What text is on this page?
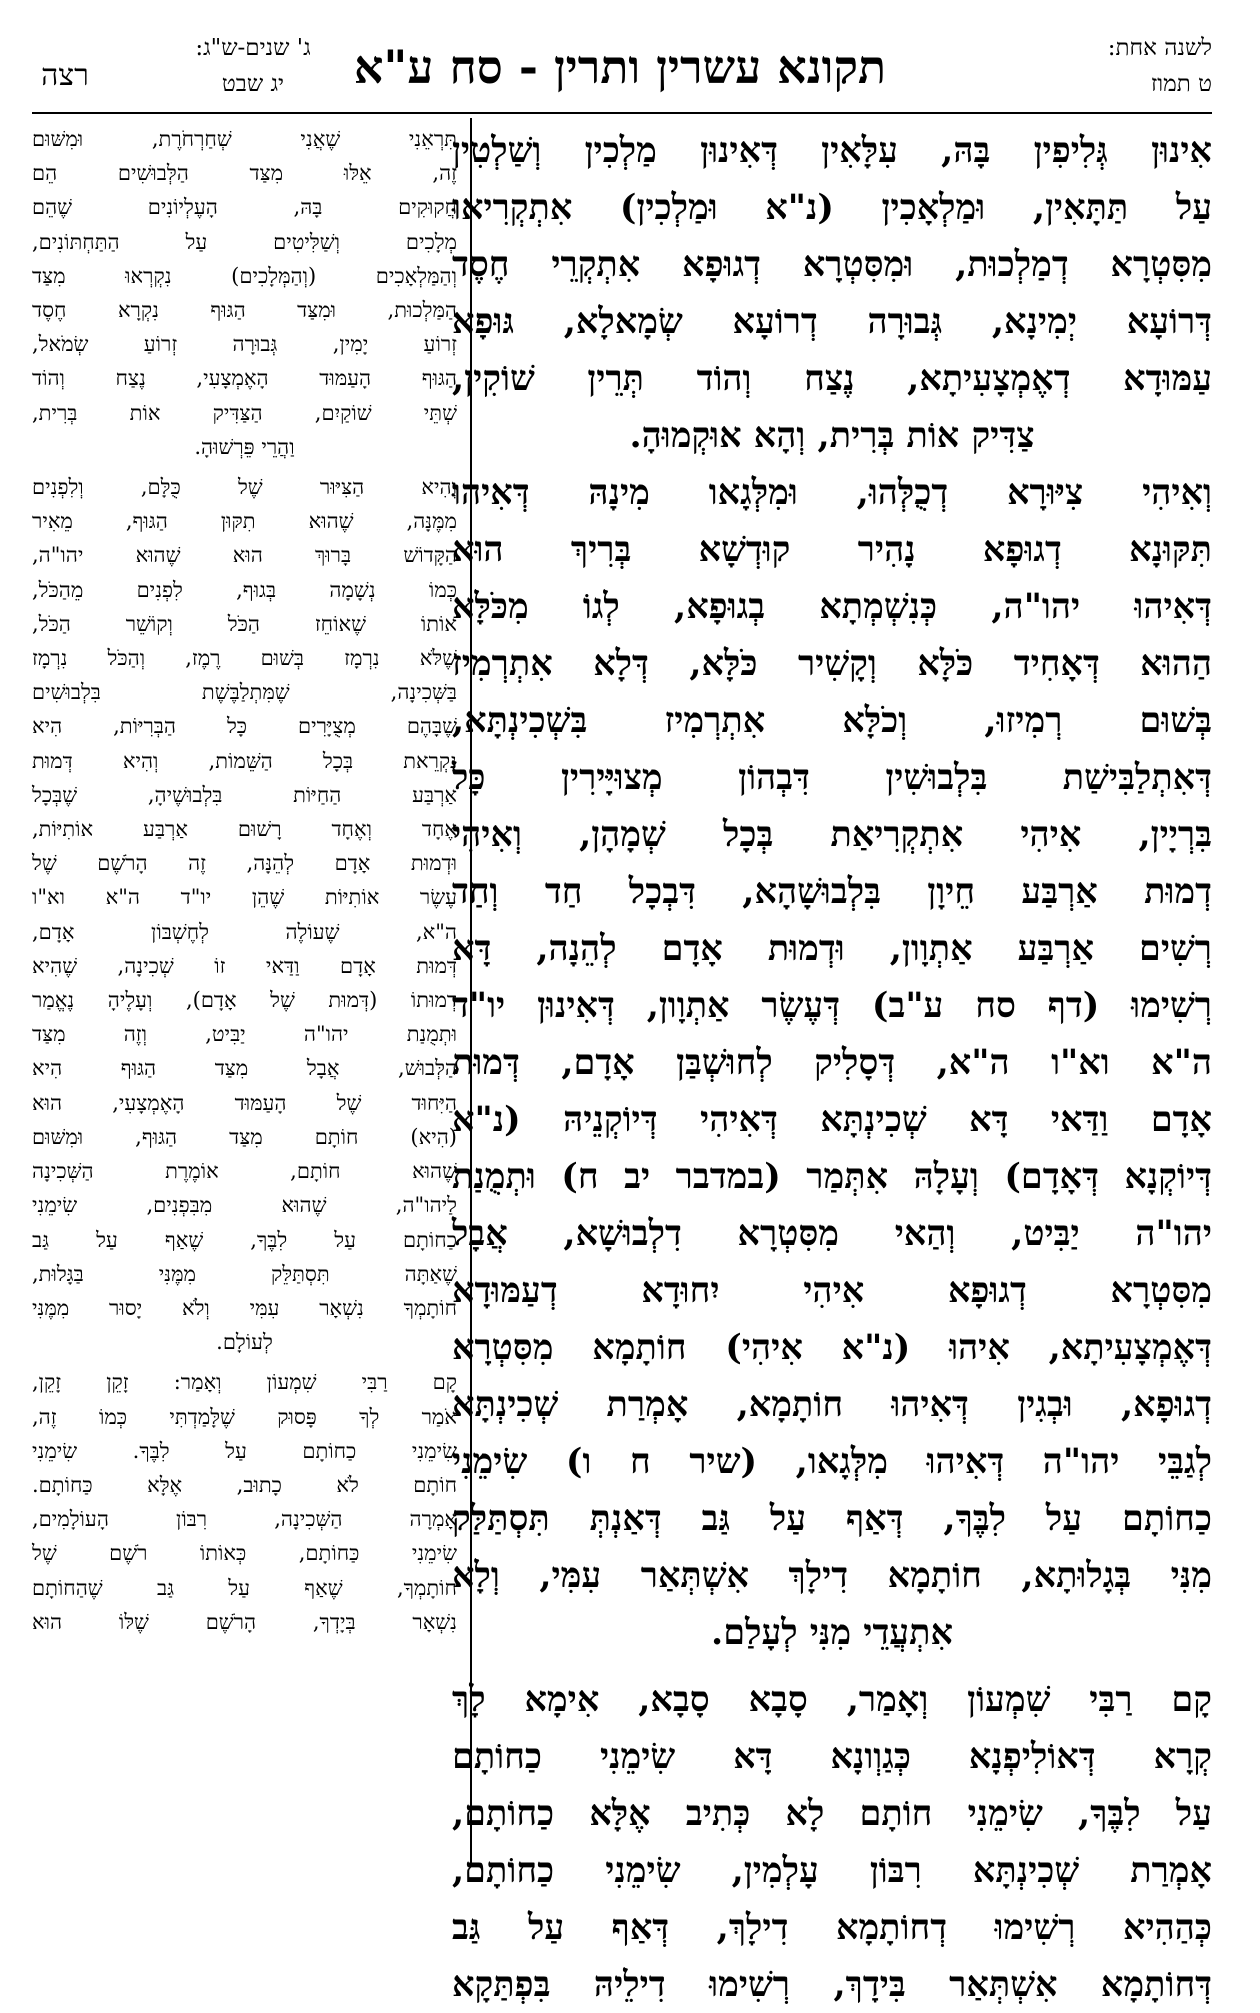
לשנה אחת:
ט תמוז
תקונא עשרין ותרין - סח ע"א
ג' שנים-ש"ג:
יג שבט
רצה

אִינוּן גְּלִיפִין בָּהּ, עִלָּאִין דְּאִינוּן מַלְכִין וְשַׁלְטִין

עַל תַּתָּאִין, וּמַלְאָכִין (נ"א וּמַלְכִין) אִתְקְרִיאוּ

מִסִּטְרָא דְמַלְכוּת, וּמִסִּטְרָא דְגוּפָא אִתְקְרֵי חֶסֶד

דְּרוֹעָא יְמִינָא, גְּבוּרָה דְרוֹעָא שְׂמָאלָא, גּוּפָא

עַמּוּדָא דְאֶמְצָעִיתָא, נֶצַח וְהוֹד תְּרֵין שׁוֹקִין,

צַדִּיק אוֹת בְּרִית, וְהָא אוּקְמוּהָ.

וְאִיהִי צִיּוּרָא דְכֻלְּהוּ, וּמִלְּגָאו מִינָהּ דְּאִיהוּ

תִּקּוּנָא דְגוּפָא נָהִיר קוּדְשָׁא בְּרִיךְ הוּא

דְּאִיהוּ יהו"ה, כְּנִשְׁמְתָא בְגוּפָא, לְגוֹ מִכֹּלָּא

הַהוּא דְּאָחִיד כֹּלָּא וְקָשִׁיר כֹּלָּא, דְּלָא אִתְרְמִיז

בְּשׁוּם רְמִיזוּ, וְכֹלָּא אִתְרְמִיז בִּשְׁכִינְתָּא,

דְּאִתְלַבִּישַׁת בִּלְבוּשִׁין דִּבְהוֹן מְצוּיָּירִין כָּל

בִּרְיָין, אִיהִי אִתְקְרִיאַת בְּכָל שְׁמָהָן, וְאִיהִי

דְמוּת אַרְבַּע חֵיוָן בִּלְבוּשָׁהָא, דִּבְכָל חַד וְחַד

רְשִׁים אַרְבַּע אַתְוָון, וּדְמוּת אָדָם לְהֵנָה, דָּא

רְשִׁימוּ (דף סח ע"ב) דְּעֶשֶׂר אַתְוָון, דְּאִינוּן יו"ד

ה"א וא"ו ה"א, דְּסָלִיק לְחוּשְׁבַּן אָדָם, דְּמוּת

אָדָם וַדַּאי דָּא שְׁכִינְתָּא דְּאִיהִי דְּיוֹקְנֵיהּ (נ"א

דְּיוֹקְנָא דְּאָדָם) וְעָלָהּ אִתְּמַר (במדבר יב ח) וּתְמֻנַת

יהו"ה יַבִּיט, וְהַאי מִסִּטְרָא דִלְבוּשָׁא, אֲבָל

מִסִּטְרָא דְגוּפָא אִיהִי יִחוּדָא דְעַמּוּדָא

דְּאֶמְצָעִיתָא, אִיהוּ (נ"א אִיהִי) חוֹתָמָא מִסִּטְרָא

דְגוּפָא, וּבְגִין דְּאִיהוּ חוֹתָמָא, אָמְרַת שְׁכִינְתָּא

לְגַבֵּי יהו"ה דְּאִיהוּ מִלְּגָאו, (שיר ח ו) שִׂימֵנִי

כַחוֹתָם עַל לִבֶּךָ, דְּאַף עַל גַּב דְּאַנְתְּ תִּסְתַּלַּק

מִנִּי בְּגָלוּתָא, חוֹתָמָא דִילָךְ אִשְׁתְּאַר עִמִּי, וְלָא

אִתְעֲדֵי מִנִּי לְעָלַם.

קָם רַבִּי שִׁמְעוֹן וְאָמַר, סָבָא סָבָא, אִימָא לָךְ

קְרָא דְּאוֹלִיפְנָא כְּגַוְונָא דָּא שִׂימֵנִי כַחוֹתָם

עַל לִבֶּךָ, שִׂימֵנִי חוֹתָם לָא כְּתִיב אֶלָּא כַחוֹתָם,

אָמְרַת שְׁכִינְתָּא רִבּוֹן עָלְמִין, שִׂימֵנִי כַחוֹתָם,

כְּהַהִיא רְשִׁימוּ דְחוֹתָמָא דִילָךְ, דְּאַף עַל גַּב

דְּחוֹתָמָא אִשְׁתְּאַר בִּידָךְ, רְשִׁימוּ דִילֵיהּ בִּפְתַּקָא

תִּרְאֵנִי שֶׁאֲנִי שְׁחַרְחֹרֶת, וּמִשּׁוּם

זֶה, אֵלּוּ מִצַּד הַלְּבוּשִׁים הֵם

חֲקוּקִים בָּהּ, הָעֶלְיוֹנִים שֶׁהֵם

מְלָכִים וְשַׁלִּיטִים עַל הַתַּחְתּוֹנִים,

וְהַמַּלְאָכִים (וְהַמְּלָכִים) נִקְרְאוּ מִצַּד

הַמַּלְכוּת, וּמִצַּד הַגּוּף נִקְרָא חֶסֶד

זְרוֹעַ יָמִין, גְּבוּרָה זְרוֹעַ שְׂמֹאל,

הַגּוּף הָעַמּוּד הָאֶמְצָעִי, נֶצַח וְהוֹד

שְׁתֵּי שׁוֹקַיִם, הַצַּדִּיק אוֹת בְּרִית,

וַהֲרֵי פֵּרְשׁוּהָ.

וְהִיא הַצִּיּוּר שֶׁל כֻּלָּם, וְלִפְנִים

מִמֶּנָּה, שֶׁהוּא תִקּוּן הַגּוּף, מֵאִיר

הַקָּדוֹשׁ בָּרוּךְ הוּא שֶׁהוּא יהו"ה,

כְּמוֹ נְשָׁמָה בְּגוּף, לִפְנִים מֵהַכֹּל,

אוֹתוֹ שֶׁאוֹחֵז הַכֹּל וְקוֹשֵׁר הַכֹּל,

שֶׁלֹּא נִרְמָז בְּשׁוּם רֶמֶז, וְהַכֹּל נִרְמָז

בַּשְּׁכִינָה, שֶׁמִּתְלַבֶּשֶׁת בִּלְבוּשִׁים

שֶׁבָּהֶם מְצֻיָּרִים כָּל הַבְּרִיּוֹת, הִיא

נִקְרֵאת בְּכָל הַשֵּׁמוֹת, וְהִיא דְּמוּת

אַרְבַּע הַחַיּוֹת בִּלְבוּשֶׁיהָ, שֶׁבְּכָל

אֶחָד וְאֶחָד רָשׁוּם אַרְבַּע אוֹתִיּוֹת,

וּדְמוּת אָדָם לְהֵנָּה, זֶה הָרֹשֶׁם שֶׁל

עֶשֶׂר אוֹתִיּוֹת שֶׁהֵן יו"ד ה"א וא"ו

ה"א, שֶׁעוֹלֶה לְחֶשְׁבּוֹן אָדָם,

דְּמוּת אָדָם וַדַּאי זוֹ שְׁכִינָה, שֶׁהִיא

דְמוּתוֹ (דְּמוּת שֶׁל אָדָם), וְעָלֶיהָ נֶאֱמַר

וּתְמֻנַת יהו"ה יַבִּיט, וְזֶה מִצַּד

הַלְּבוּשׁ, אֲבָל מִצַּד הַגּוּף הִיא

הַיִּחוּד שֶׁל הָעַמּוּד הָאֶמְצָעִי, הוּא

(הִיא) חוֹתָם מִצַּד הַגּוּף, וּמִשּׁוּם

שֶׁהוּא חוֹתָם, אוֹמֶרֶת הַשְּׁכִינָה

לַיהו"ה, שֶׁהוּא מִבִּפְנִים, שִׂימֵנִי

כַחוֹתָם עַל לִבֶּךָ, שֶׁאַף עַל גַּב

שֶׁאַתָּה תִּסְתַּלֵּק מִמֶּנִּי בַּגָּלוּת,

חוֹתָמְךָ נִשְׁאָר עִמִּי וְלֹא יָסוּר מִמֶּנִּי

לְעוֹלָם.

קָם רַבִּי שִׁמְעוֹן וְאָמַר: זָקֵן זָקֵן,

אֹמַר לְךָ פָּסוּק שֶׁלָּמַדְתִּי כְּמוֹ זֶה,

שִׂימֵנִי כַחוֹתָם עַל לִבֶּךָ. שִׂימֵנִי

חוֹתָם לֹא כָתוּב, אֶלָּא כַּחוֹתָם.

אָמְרָה הַשְּׁכִינָה, רִבּוֹן הָעוֹלָמִים,

שִׂימֵנִי כַּחוֹתָם, כְּאוֹתוֹ רֹשֶׁם שֶׁל

חוֹתָמְךָ, שֶׁאַף עַל גַּב שֶׁהַחוֹתָם

נִשְׁאָר בְּיָדְךָ, הָרֹשֶׁם שֶׁלּוֹ הוּא
